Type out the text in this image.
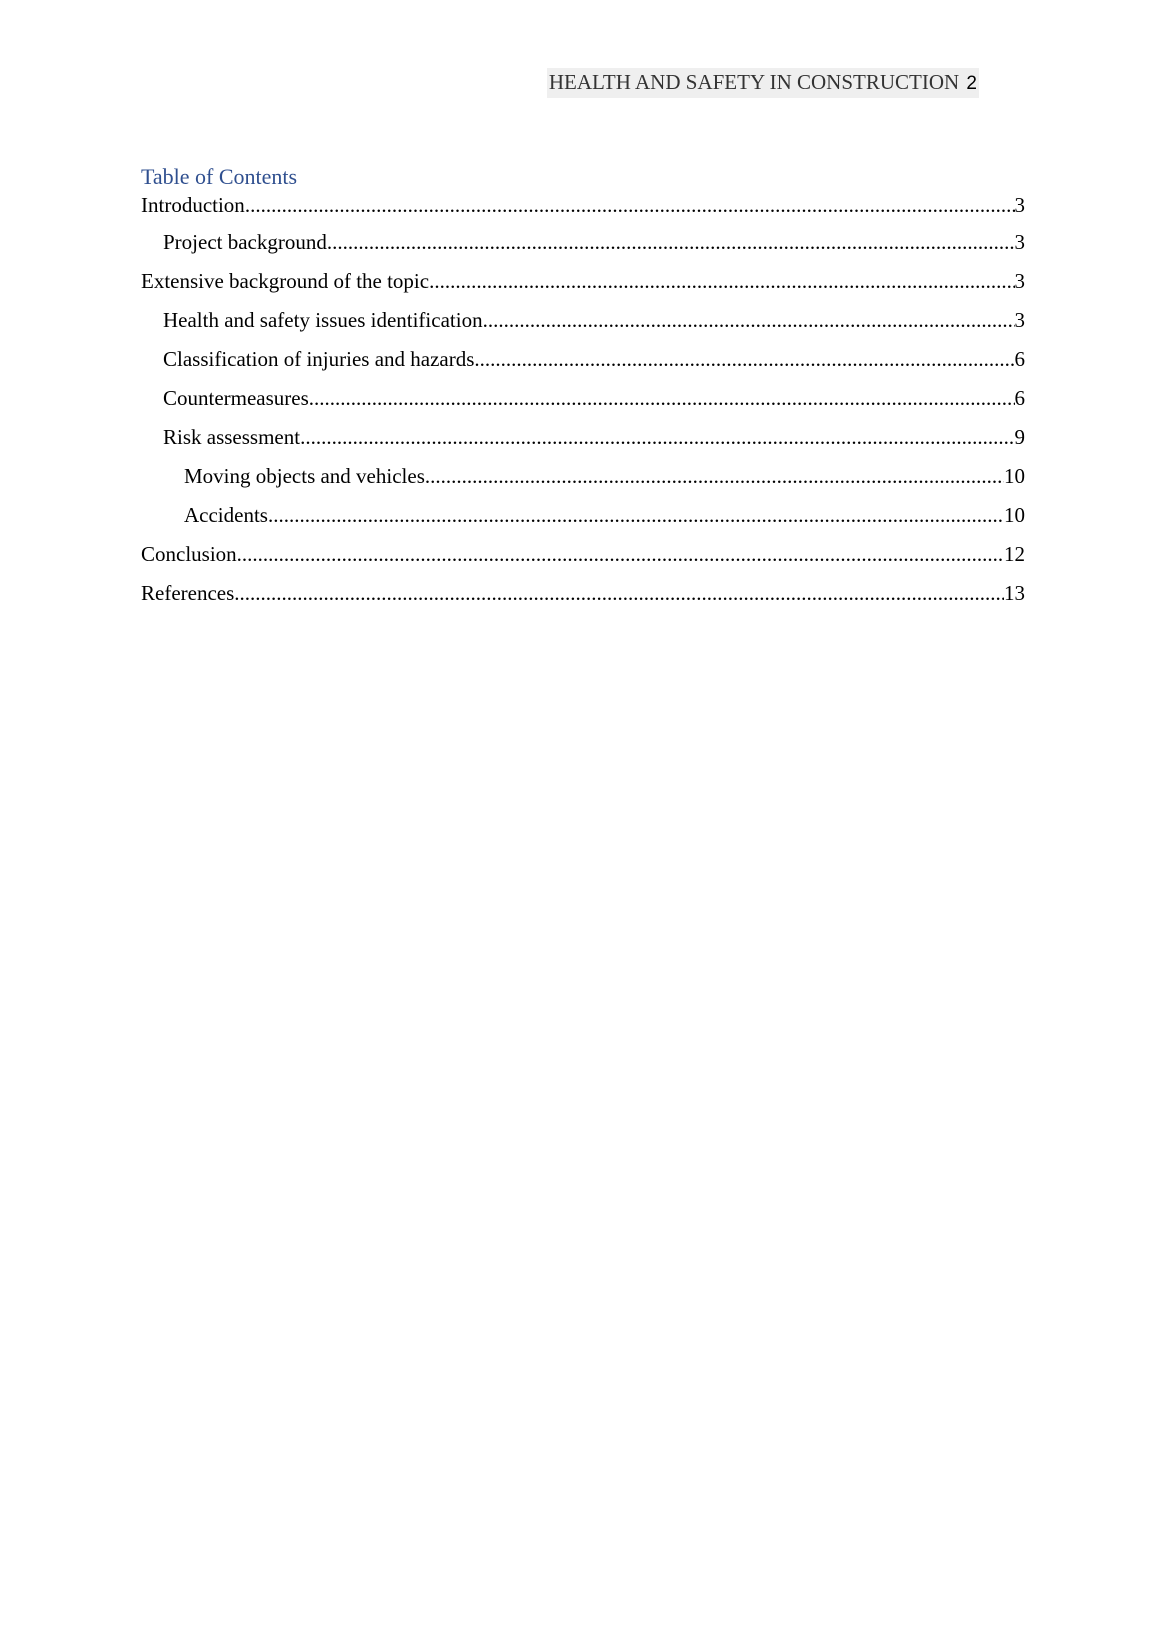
HEALTH AND SAFETY IN CONSTRUCTION 2
Table of Contents
Introduction .....	3
Project background .....	3
Extensive background of the topic .....	3
Health and safety issues identification .....	3
Classification of injuries and hazards .....	6
Countermeasures .....	6
Risk assessment .....	9
Moving objects and vehicles .....	10
Accidents .....	10
Conclusion .....	12
References .....	13
